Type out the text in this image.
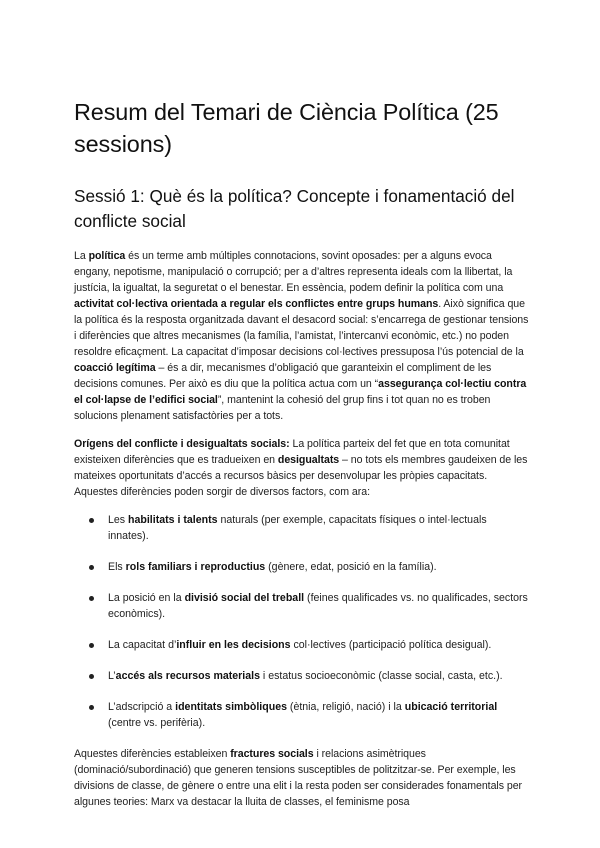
Resum del Temari de Ciència Política (25 sessions)
Sessió 1: Què és la política? Concepte i fonamentació del conflicte social

La política és un terme amb múltiples connotacions, sovint oposades: per a alguns evoca engany, nepotisme, manipulació o corrupció; per a d’altres representa ideals com la llibertat, la justícia, la igualtat, la seguretat o el benestar. En essència, podem definir la política com una activitat col·lectiva orientada a regular els conflictes entre grups humans. Això significa que la política és la resposta organitzada davant el desacord social: s’encarrega de gestionar tensions i diferències que altres mecanismes (la família, l’amistat, l’intercanvi econòmic, etc.) no poden resoldre eficaçment. La capacitat d’imposar decisions col·lectives pressuposa l’ús potencial de la coacció legítima – és a dir, mecanismes d’obligació que garanteixin el compliment de les decisions comunes. Per això es diu que la política actua com un “assegurança col·lectiu contra el col·lapse de l’edifici social”, mantenint la cohesió del grup fins i tot quan no es troben solucions plenament satisfactòries per a tots.

Orígens del conflicte i desigualtats socials: La política parteix del fet que en tota comunitat existeixen diferències que es tradueixen en desigualtats – no tots els membres gaudeixen de les mateixes oportunitats d’accés a recursos bàsics per desenvolupar les pròpies capacitats. Aquestes diferències poden sorgir de diversos factors, com ara:

Les habilitats i talents naturals (per exemple, capacitats físiques o intel·lectuals innates).
Els rols familiars i reproductius (gènere, edat, posició en la família).
La posició en la divisió social del treball (feines qualificades vs. no qualificades, sectors econòmics).
La capacitat d’influir en les decisions col·lectives (participació política desigual).
L’accés als recursos materials i estatus socioeconòmic (classe social, casta, etc.).
L’adscripció a identitats simbòliques (ètnia, religió, nació) i la ubicació territorial (centre vs. perifèria).

Aquestes diferències estableixen fractures socials i relacions asimètriques (dominació/subordinació) que generen tensions susceptibles de politzitzar-se. Per exemple, les divisions de classe, de gènere o entre una elit i la resta poden ser considerades fonamentals per algunes teories: Marx va destacar la lluita de classes, el feminisme posa
